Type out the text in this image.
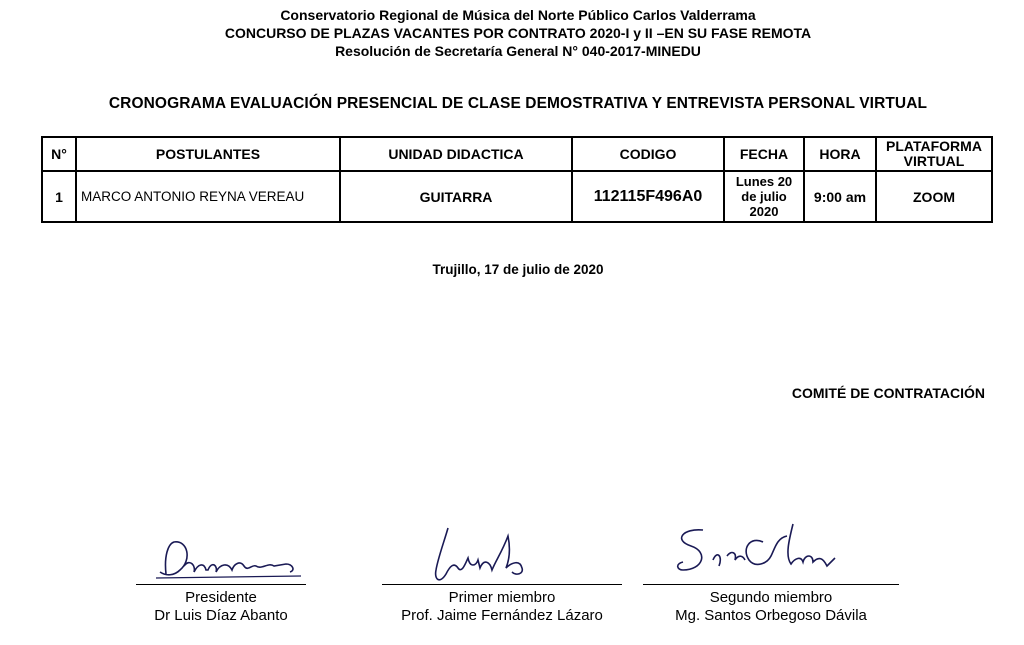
Conservatorio Regional de Música del Norte Público Carlos Valderrama
CONCURSO DE PLAZAS VACANTES POR CONTRATO 2020-I y II –EN SU FASE REMOTA
Resolución de Secretaría General N° 040-2017-MINEDU
CRONOGRAMA EVALUACIÓN PRESENCIAL DE CLASE DEMOSTRATIVA Y ENTREVISTA PERSONAL VIRTUAL
N°	POSTULANTES	UNIDAD DIDACTICA	CODIGO	FECHA	HORA	PLATAFORMA
VIRTUAL

1	MARCO ANTONIO REYNA VEREAU	GUITARRA	112115F496A0	Lunes 20
de julio
2020	9:00 am	ZOOM
Trujillo, 17 de julio de 2020
COMITÉ DE CONTRATACIÓN
Presidente
Dr Luis Díaz Abanto
Primer miembro
Prof. Jaime Fernández Lázaro
Segundo miembro
Mg. Santos Orbegoso Dávila
